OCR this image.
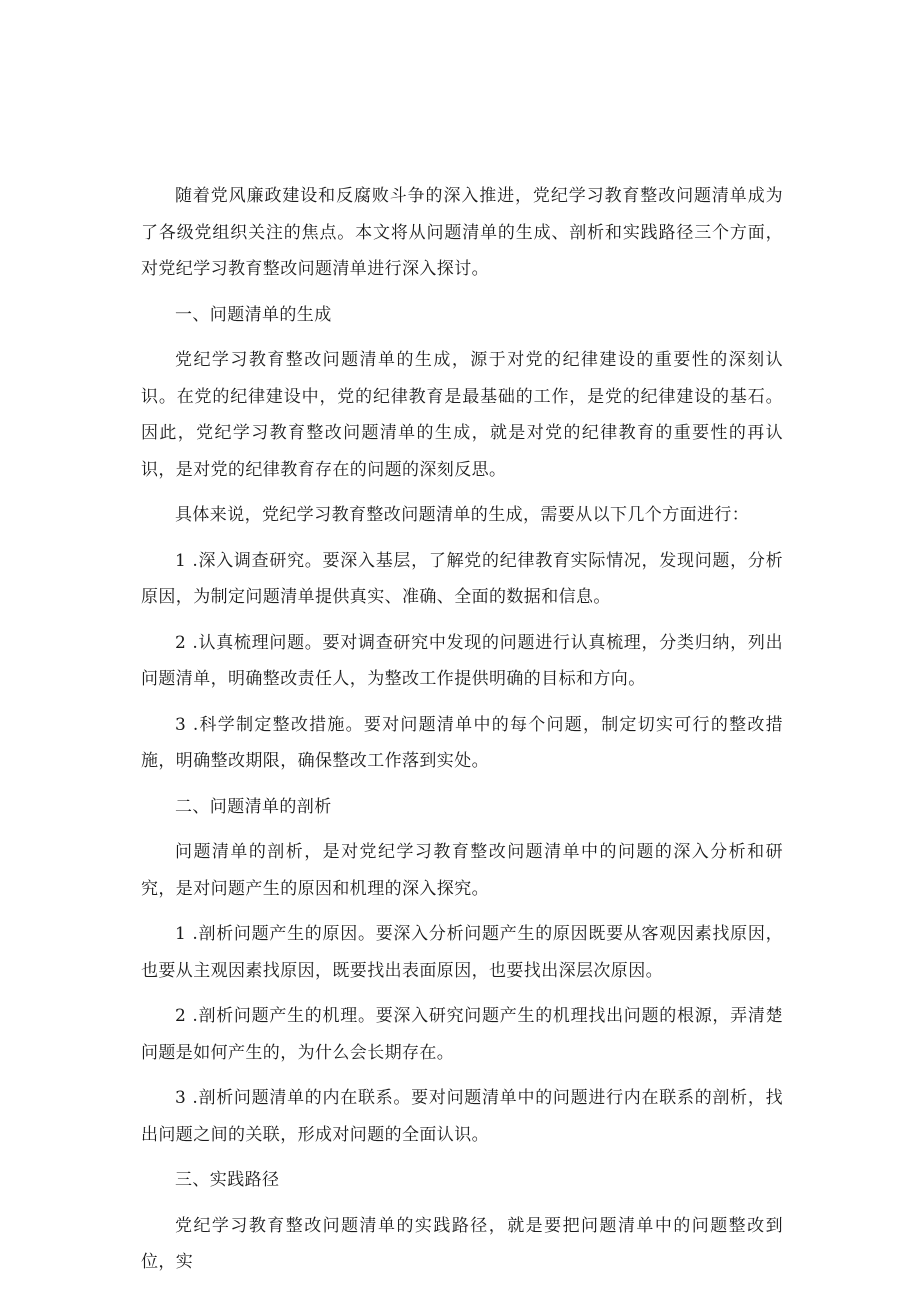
随着党风廉政建设和反腐败斗争的深入推进，党纪学习教育整改问题清单成为了各级党组织关注的焦点。本文将从问题清单的生成、剖析和实践路径三个方面，对党纪学习教育整改问题清单进行深入探讨。

一、问题清单的生成

党纪学习教育整改问题清单的生成，源于对党的纪律建设的重要性的深刻认识。在党的纪律建设中，党的纪律教育是最基础的工作，是党的纪律建设的基石。因此，党纪学习教育整改问题清单的生成，就是对党的纪律教育的重要性的再认识，是对党的纪律教育存在的问题的深刻反思。

具体来说，党纪学习教育整改问题清单的生成，需要从以下几个方面进行：

1 .深入调查研究。要深入基层，了解党的纪律教育实际情况，发现问题，分析原因，为制定问题清单提供真实、准确、全面的数据和信息。

2 .认真梳理问题。要对调查研究中发现的问题进行认真梳理，分类归纳，列出问题清单，明确整改责任人，为整改工作提供明确的目标和方向。

3 .科学制定整改措施。要对问题清单中的每个问题，制定切实可行的整改措施，明确整改期限，确保整改工作落到实处。

二、问题清单的剖析

问题清单的剖析，是对党纪学习教育整改问题清单中的问题的深入分析和研究，是对问题产生的原因和机理的深入探究。

1 .剖析问题产生的原因。要深入分析问题产生的原因既要从客观因素找原因，也要从主观因素找原因，既要找出表面原因，也要找出深层次原因。

2 .剖析问题产生的机理。要深入研究问题产生的机理找出问题的根源，弄清楚问题是如何产生的，为什么会长期存在。

3 .剖析问题清单的内在联系。要对问题清单中的问题进行内在联系的剖析，找出问题之间的关联，形成对问题的全面认识。

三、实践路径

党纪学习教育整改问题清单的实践路径，就是要把问题清单中的问题整改到位，实
